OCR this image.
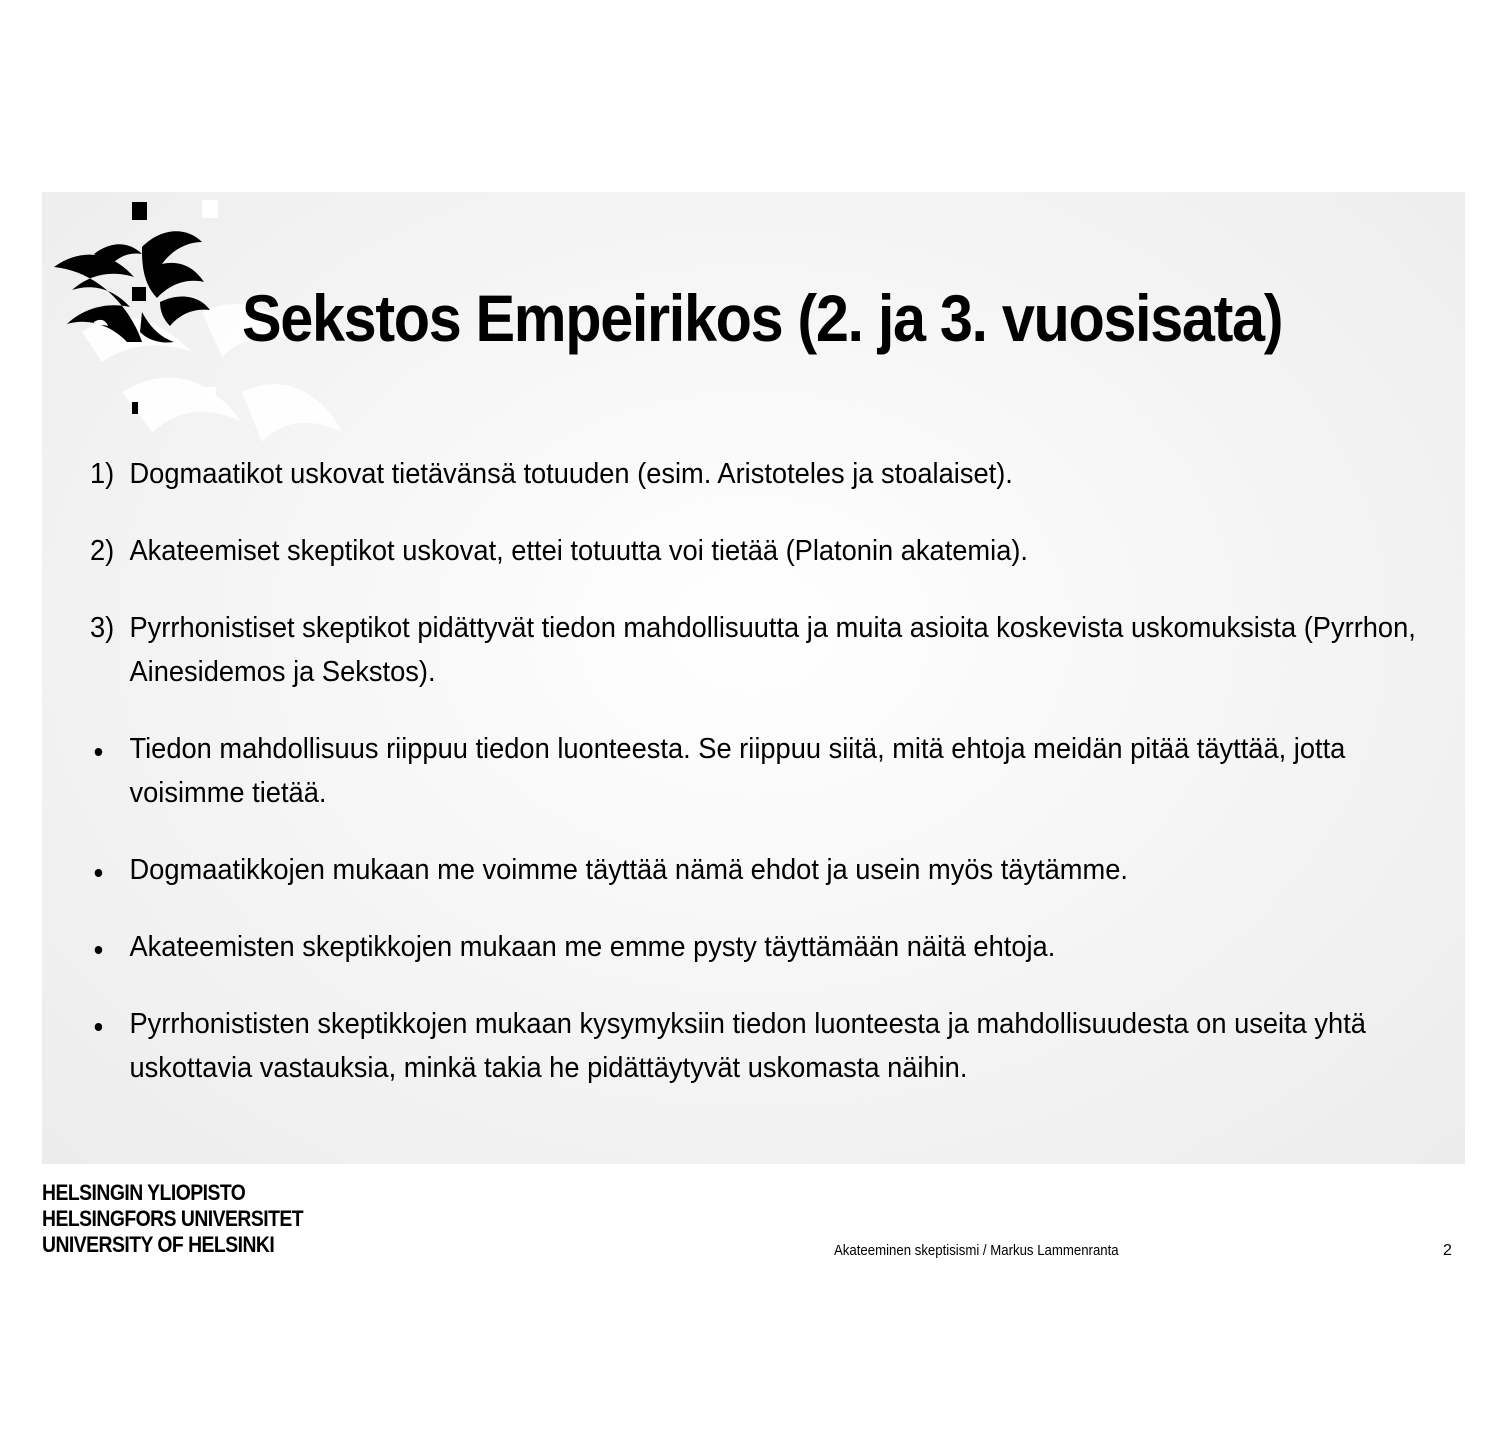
Sekstos Empeirikos (2. ja 3. vuosisata)
1) Dogmaatikot uskovat tietävänsä totuuden (esim. Aristoteles ja stoalaiset).
2) Akateemiset skeptikot uskovat, ettei totuutta voi tietää (Platonin akatemia).
3) Pyrrhonistiset skeptikot pidättyvät tiedon mahdollisuutta ja muita asioita koskevista uskomuksista (Pyrrhon, Ainesidemos ja Sekstos).
Tiedon mahdollisuus riippuu tiedon luonteesta. Se riippuu siitä, mitä ehtoja meidän pitää täyttää, jotta voisimme tietää.
Dogmaatikkojen mukaan me voimme täyttää nämä ehdot ja usein myös täytämme.
Akateemisten skeptikkojen mukaan me emme pysty täyttämään näitä ehtoja.
Pyrrhonististen skeptikkojen mukaan kysymyksiin tiedon luonteesta ja mahdollisuudesta on useita yhtä uskottavia vastauksia, minkä takia he pidättäytyvät uskomasta näihin.
HELSINGIN YLIOPISTO
HELSINGFORS UNIVERSITET
UNIVERSITY OF HELSINKI	Akateeminen skeptisismi / Markus Lammenranta	2
